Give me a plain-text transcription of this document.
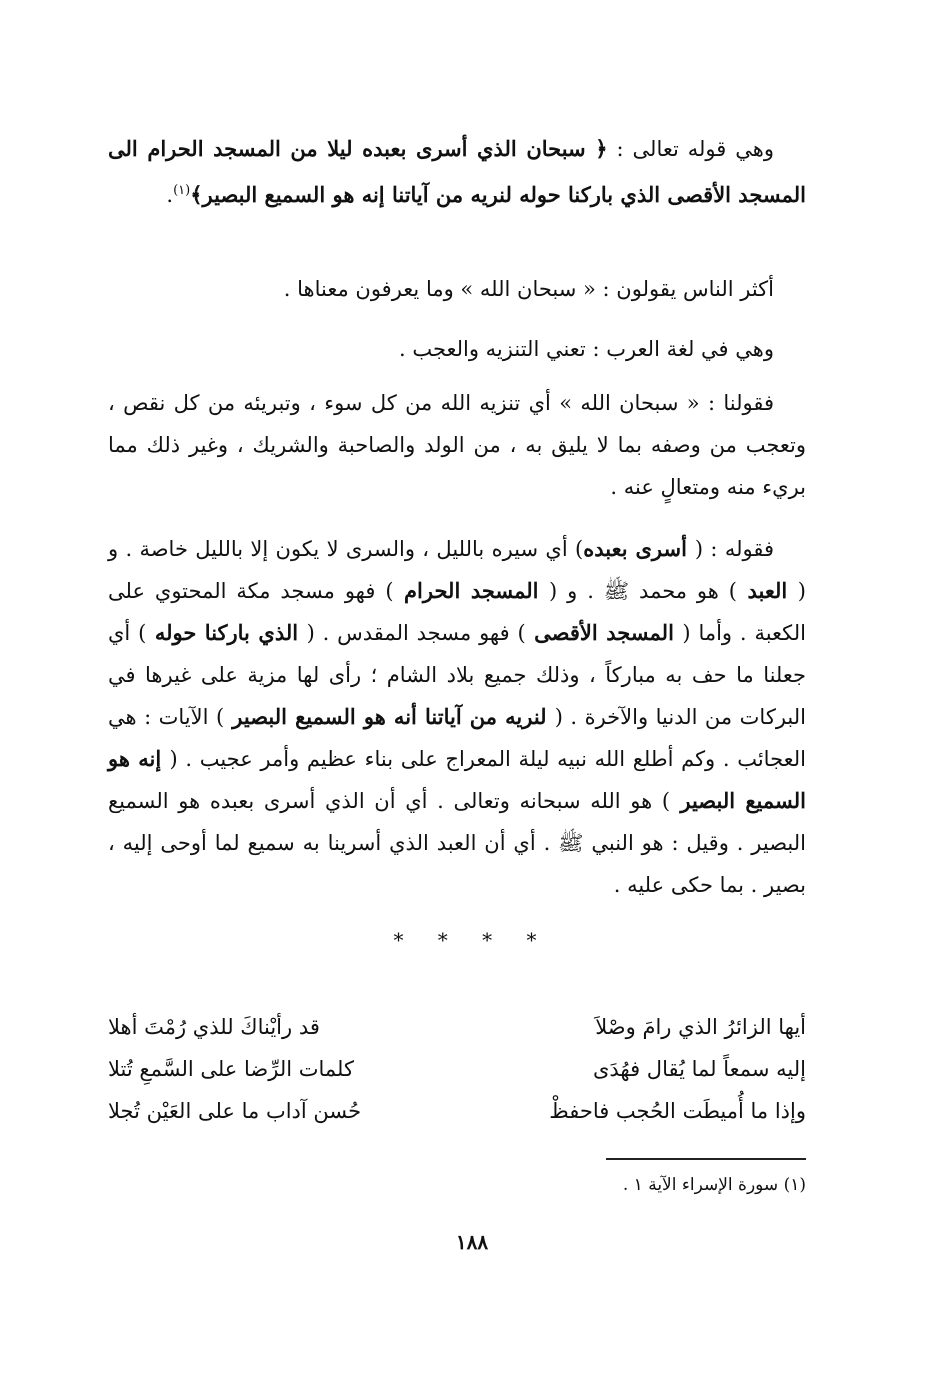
وهي قوله تعالى : ﴿ سبحان الذي أسرى بعبده ليلا من المسجد الحرام الى المسجد الأقصى الذي باركنا حوله لنريه من آياتنا إنه هو السميع البصير﴾$^{(١)}$.

أكثر الناس يقولون : « سبحان الله » وما يعرفون معناها .

وهي في لغة العرب : تعني التنزيه والعجب .

فقولنا : « سبحان الله » أي تنزيه الله من كل سوء ، وتبريئه من كل نقص ، وتعجب من وصفه بما لا يليق به ، من الولد والصاحبة والشريك ، وغير ذلك مما بريء منه ومتعالٍ عنه .

فقوله : ( أسرى بعبده) أي سيره بالليل ، والسرى لا يكون إلا بالليل خاصة . و ( العبد ) هو محمد ﷺ . و ( المسجد الحرام ) فهو مسجد مكة المحتوي على الكعبة . وأما ( المسجد الأقصى ) فهو مسجد المقدس . ( الذي باركنا حوله ) أي جعلنا ما حف به مباركاً ، وذلك جميع بلاد الشام ؛ رأى لها مزية على غيرها في البركات من الدنيا والآخرة . ( لنريه من آياتنا أنه هو السميع البصير ) الآيات : هي العجائب . وكم أطلع الله نبيه ليلة المعراج على بناء عظيم وأمر عجيب . ( إنه هو السميع البصير ) هو الله سبحانه وتعالى . أي أن الذي أسرى بعبده هو السميع البصير . وقيل : هو النبي ﷺ . أي أن العبد الذي أسرينا به سميع لما أوحى إليه ، بصير . بما حكى عليه .

* * * *
أيها الزائرُ الذي رامَ وصْلاَ
قد رأيْناكَ للذي رُمْتَ أهلا
إليه سمعاً لما يُقال فهُدَى
كلمات الرِّضا على السَّمعِ تُتلا
وإذا ما أُميطَت الحُجب فاحفظْ
حُسن آداب ما على العَيْن تُجلا
(١) سورة الإسراء الآية ١ .
١٨٨
